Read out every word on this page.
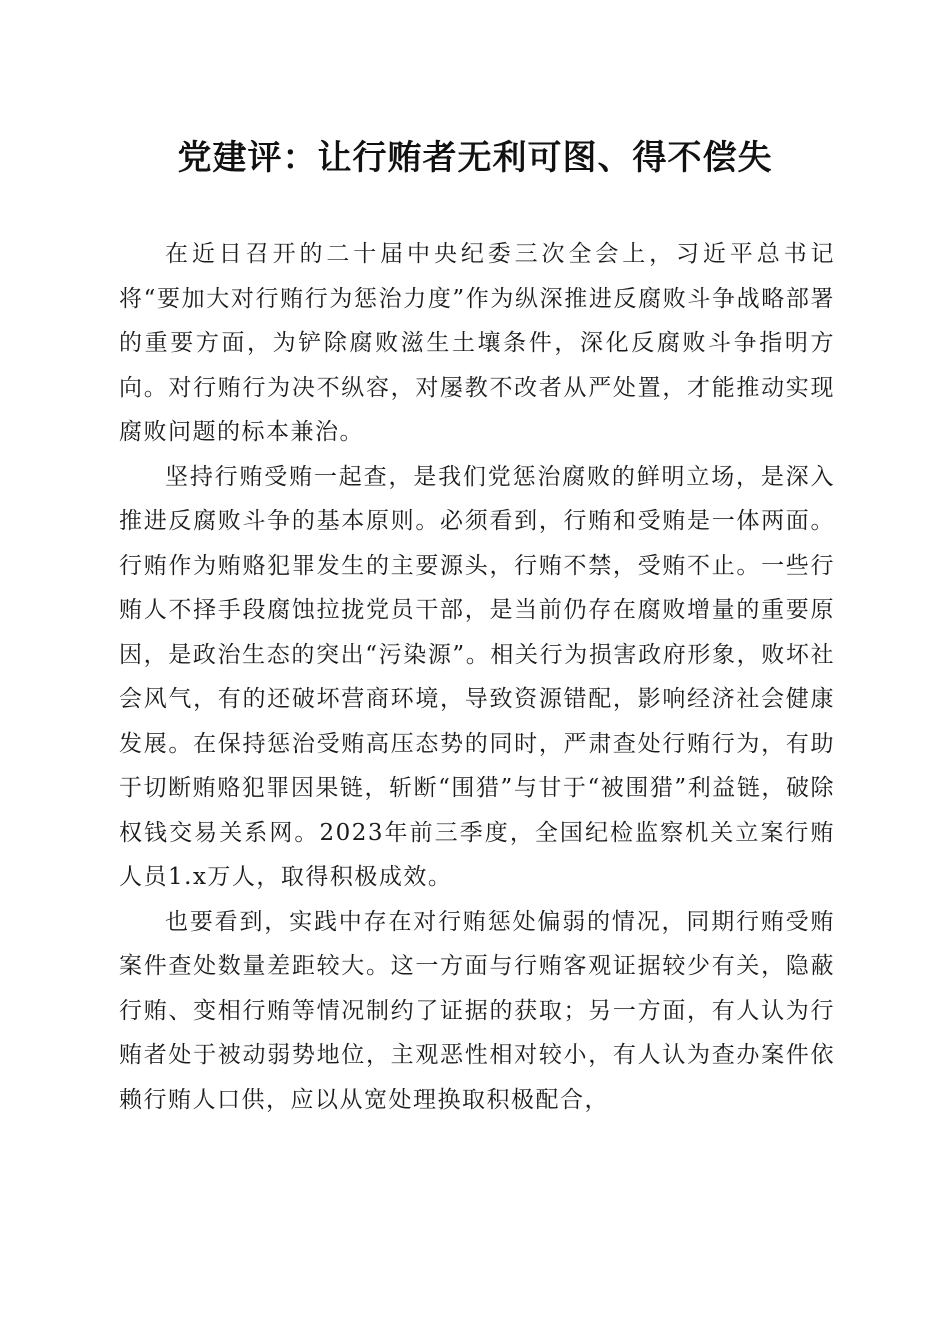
党建评：让行贿者无利可图、得不偿失

在近日召开的二十届中央纪委三次全会上，习近平总书记将“要加大对行贿行为惩治力度”作为纵深推进反腐败斗争战略部署的重要方面，为铲除腐败滋生土壤条件，深化反腐败斗争指明方向。对行贿行为决不纵容，对屡教不改者从严处置，才能推动实现腐败问题的标本兼治。

坚持行贿受贿一起查，是我们党惩治腐败的鲜明立场，是深入推进反腐败斗争的基本原则。必须看到，行贿和受贿是一体两面。行贿作为贿赂犯罪发生的主要源头，行贿不禁，受贿不止。一些行贿人不择手段腐蚀拉拢党员干部，是当前仍存在腐败增量的重要原因，是政治生态的突出“污染源”。相关行为损害政府形象，败坏社会风气，有的还破坏营商环境，导致资源错配，影响经济社会健康发展。在保持惩治受贿高压态势的同时，严肃查处行贿行为，有助于切断贿赂犯罪因果链，斩断“围猎”与甘于“被围猎”利益链，破除权钱交易关系网。2023年前三季度，全国纪检监察机关立案行贿人员1.x万人，取得积极成效。

也要看到，实践中存在对行贿惩处偏弱的情况，同期行贿受贿案件查处数量差距较大。这一方面与行贿客观证据较少有关，隐蔽行贿、变相行贿等情况制约了证据的获取；另一方面，有人认为行贿者处于被动弱势地位，主观恶性相对较小，有人认为查办案件依赖行贿人口供，应以从宽处理换取积极配合，
